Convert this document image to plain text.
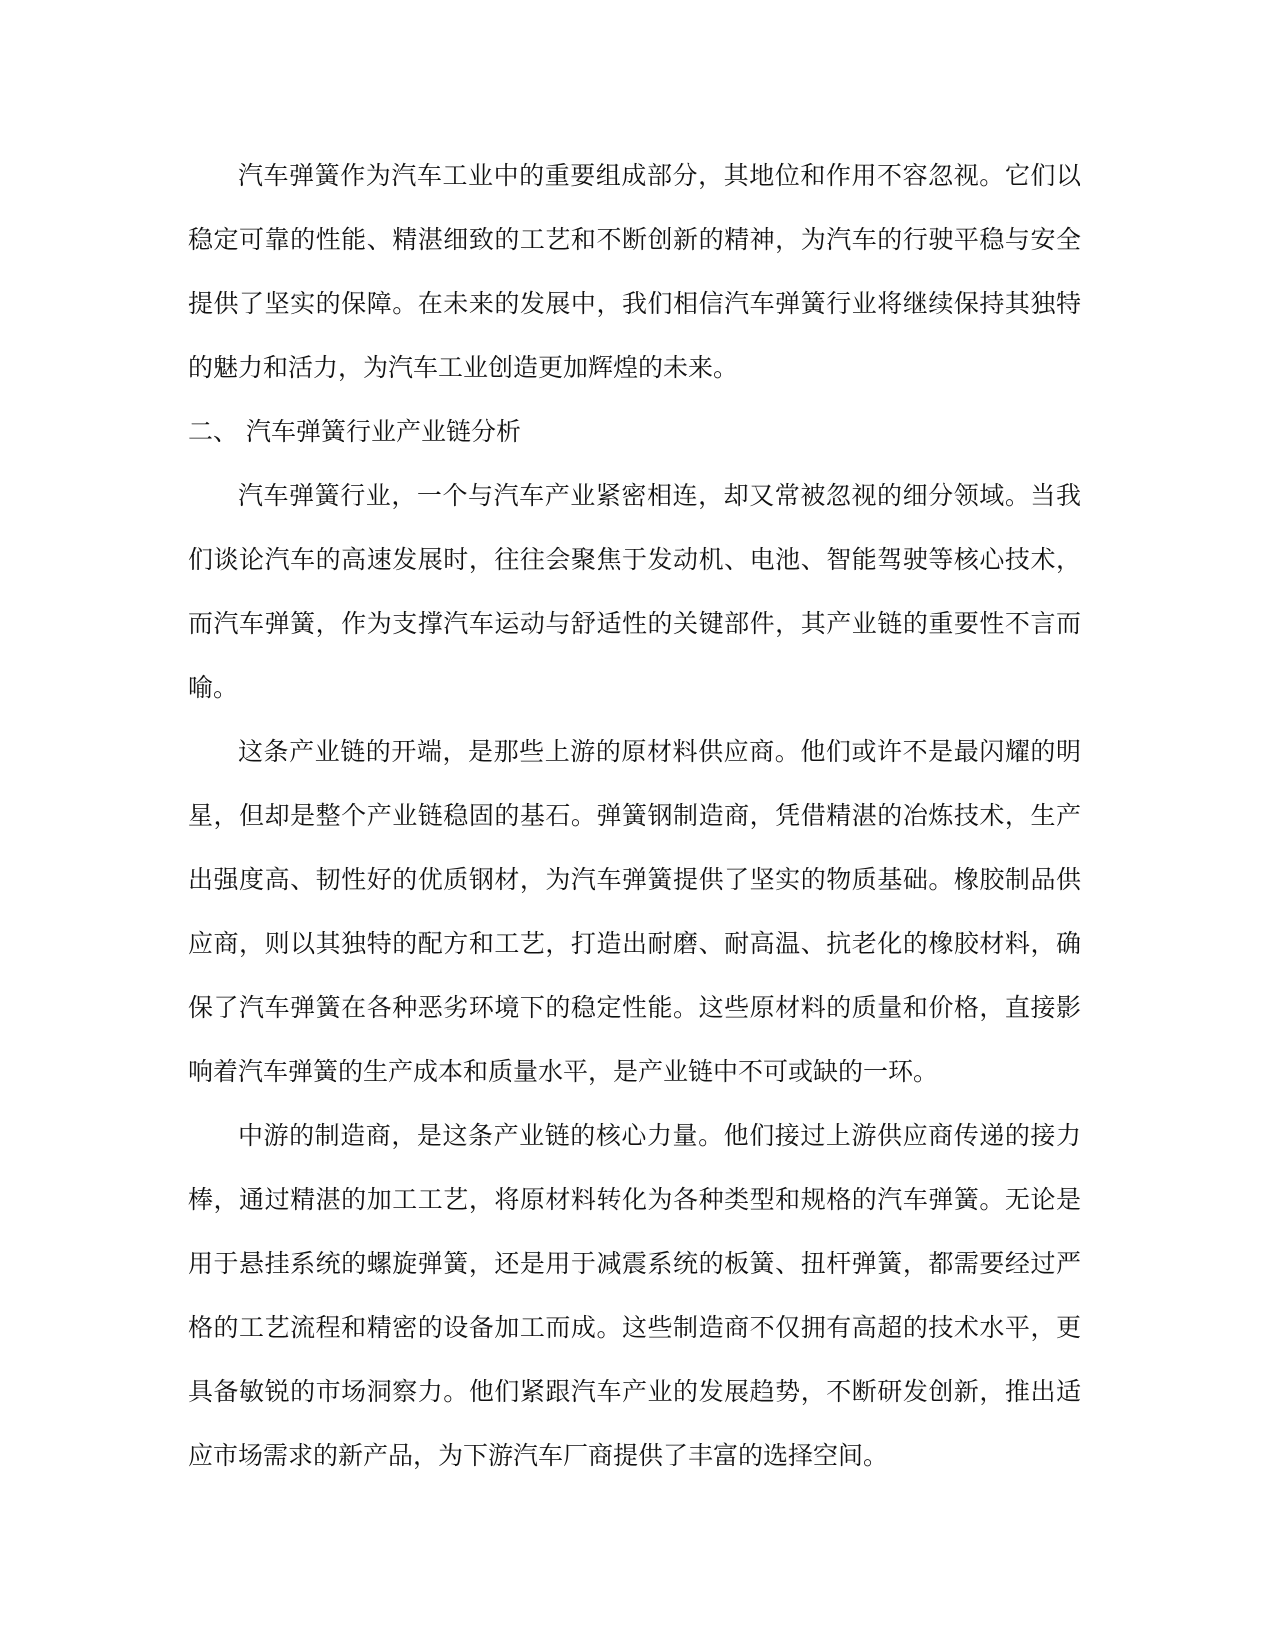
汽车弹簧作为汽车工业中的重要组成部分，其地位和作用不容忽视。它们以稳定可靠的性能、精湛细致的工艺和不断创新的精神，为汽车的行驶平稳与安全提供了坚实的保障。在未来的发展中，我们相信汽车弹簧行业将继续保持其独特的魅力和活力，为汽车工业创造更加辉煌的未来。

二、 汽车弹簧行业产业链分析

汽车弹簧行业，一个与汽车产业紧密相连，却又常被忽视的细分领域。当我们谈论汽车的高速发展时，往往会聚焦于发动机、电池、智能驾驶等核心技术，而汽车弹簧，作为支撑汽车运动与舒适性的关键部件，其产业链的重要性不言而喻。

这条产业链的开端，是那些上游的原材料供应商。他们或许不是最闪耀的明星，但却是整个产业链稳固的基石。弹簧钢制造商，凭借精湛的冶炼技术，生产出强度高、韧性好的优质钢材，为汽车弹簧提供了坚实的物质基础。橡胶制品供应商，则以其独特的配方和工艺，打造出耐磨、耐高温、抗老化的橡胶材料，确保了汽车弹簧在各种恶劣环境下的稳定性能。这些原材料的质量和价格，直接影响着汽车弹簧的生产成本和质量水平，是产业链中不可或缺的一环。

中游的制造商，是这条产业链的核心力量。他们接过上游供应商传递的接力棒，通过精湛的加工工艺，将原材料转化为各种类型和规格的汽车弹簧。无论是用于悬挂系统的螺旋弹簧，还是用于减震系统的板簧、扭杆弹簧，都需要经过严格的工艺流程和精密的设备加工而成。这些制造商不仅拥有高超的技术水平，更具备敏锐的市场洞察力。他们紧跟汽车产业的发展趋势，不断研发创新，推出适应市场需求的新产品，为下游汽车厂商提供了丰富的选择空间。
